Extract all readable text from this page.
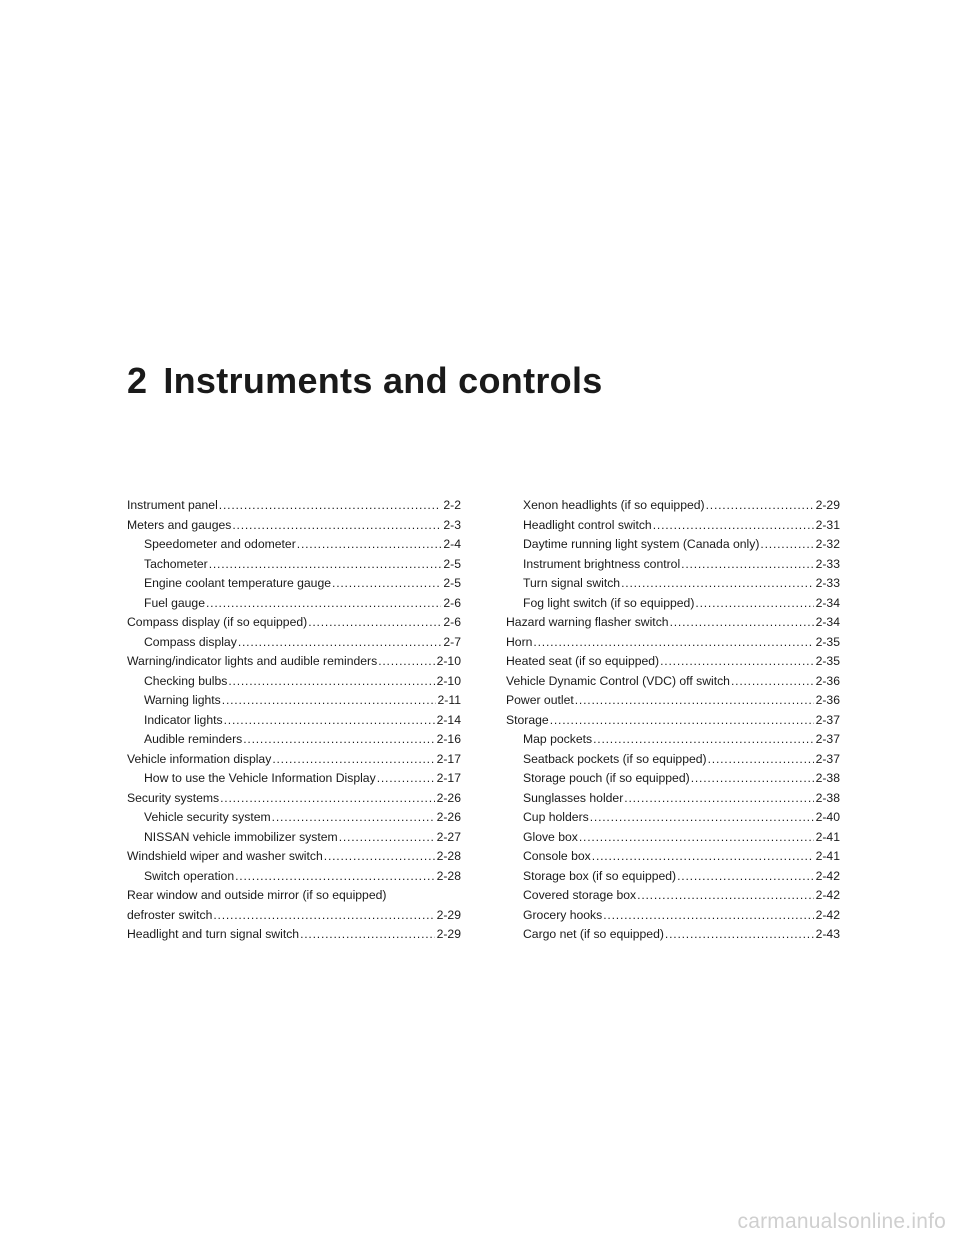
2 Instruments and controls
Instrument panel . . .	2-2
Meters and gauges . . .	2-3
Speedometer and odometer . . .	2-4
Tachometer . . .	2-5
Engine coolant temperature gauge . . .	2-5
Fuel gauge . . .	2-6
Compass display (if so equipped) . . .	2-6
Compass display . . .	2-7
Warning/indicator lights and audible reminders . . .	2-10
Checking bulbs . . .	2-10
Warning lights . . .	2-11
Indicator lights . . .	2-14
Audible reminders . . .	2-16
Vehicle information display . . .	2-17
How to use the Vehicle Information Display . . .	2-17
Security systems . . .	2-26
Vehicle security system . . .	2-26
NISSAN vehicle immobilizer system . . .	2-27
Windshield wiper and washer switch . . .	2-28
Switch operation . . .	2-28
Rear window and outside mirror (if so equipped)
defroster switch . . .	2-29
Headlight and turn signal switch . . .	2-29
Xenon headlights (if so equipped) . . .	2-29
Headlight control switch . . .	2-31
Daytime running light system (Canada only) . . .	2-32
Instrument brightness control . . .	2-33
Turn signal switch . . .	2-33
Fog light switch (if so equipped) . . .	2-34
Hazard warning flasher switch . . .	2-34
Horn . . .	2-35
Heated seat (if so equipped) . . .	2-35
Vehicle Dynamic Control (VDC) off switch . . .	2-36
Power outlet . . .	2-36
Storage . . .	2-37
Map pockets . . .	2-37
Seatback pockets (if so equipped) . . .	2-37
Storage pouch (if so equipped) . . .	2-38
Sunglasses holder . . .	2-38
Cup holders . . .	2-40
Glove box . . .	2-41
Console box . . .	2-41
Storage box (if so equipped) . . .	2-42
Covered storage box . . .	2-42
Grocery hooks . . .	2-42
Cargo net (if so equipped) . . .	2-43
carmanualsonline.info
